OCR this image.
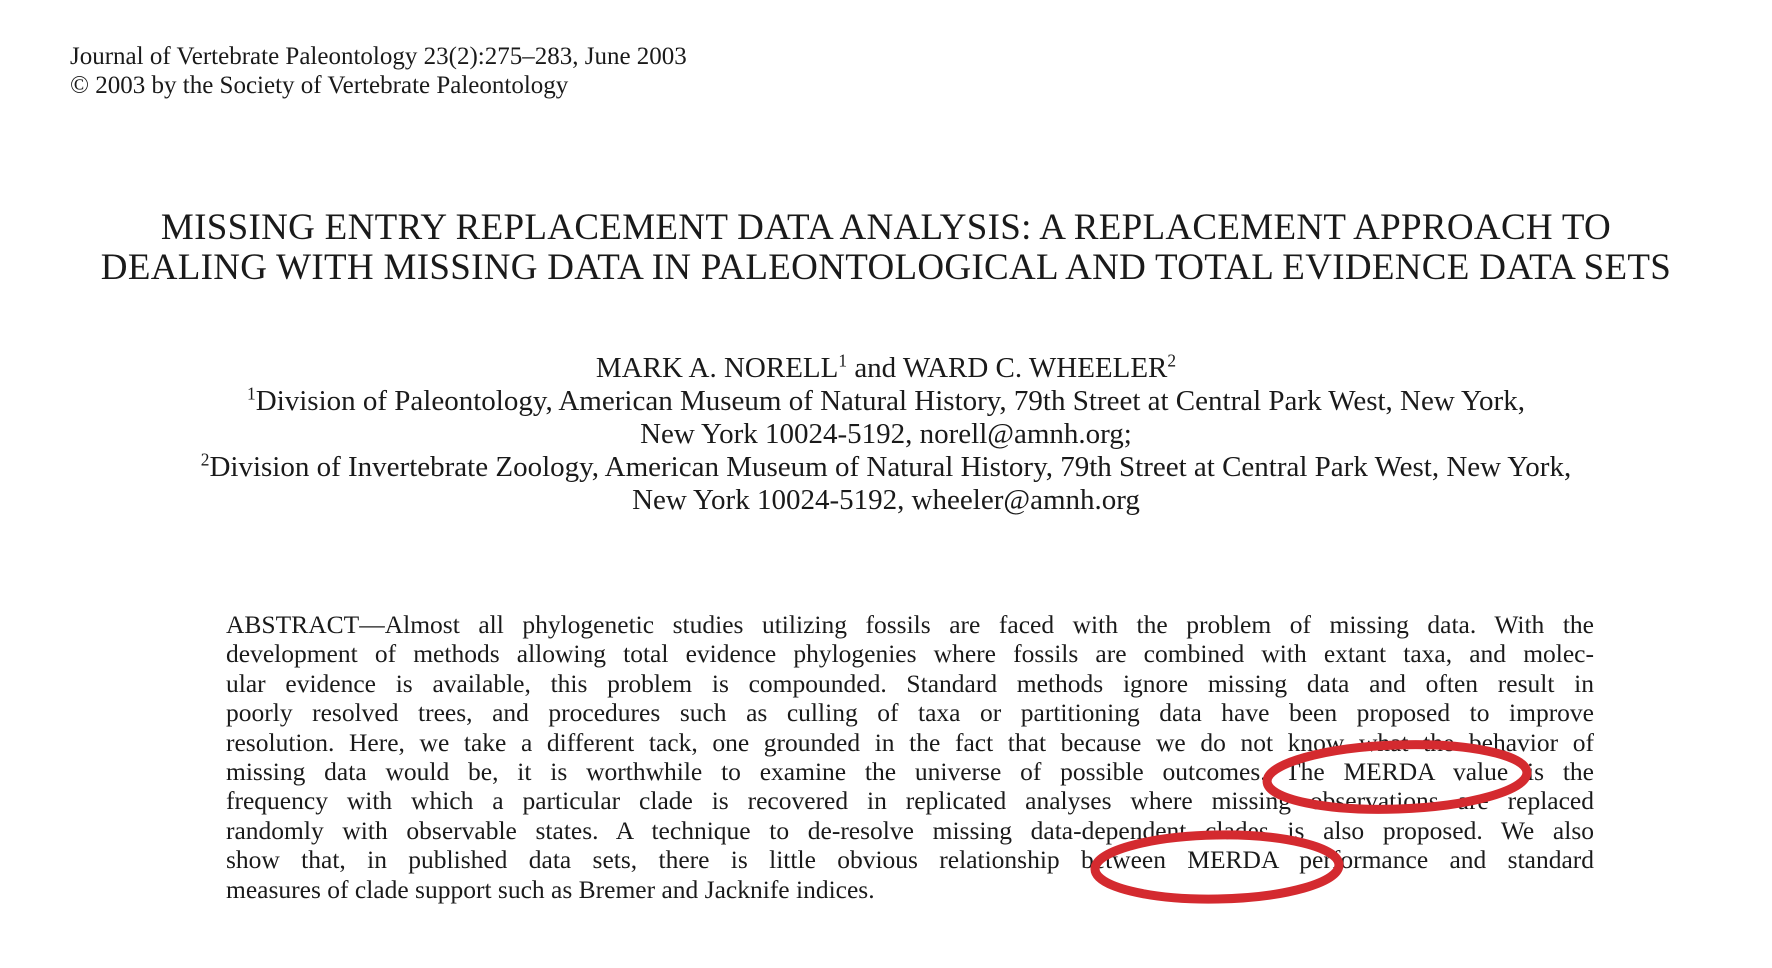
Journal of Vertebrate Paleontology 23(2):275–283, June 2003
© 2003 by the Society of Vertebrate Paleontology
MISSING ENTRY REPLACEMENT DATA ANALYSIS: A REPLACEMENT APPROACH TO
DEALING WITH MISSING DATA IN PALEONTOLOGICAL AND TOTAL EVIDENCE DATA SETS
MARK A. NORELL$^1$ and WARD C. WHEELER$^2$
$^1$Division of Paleontology, American Museum of Natural History, 79th Street at Central Park West, New York,
New York 10024-5192, norell@amnh.org;
$^2$Division of Invertebrate Zoology, American Museum of Natural History, 79th Street at Central Park West, New York,
New York 10024-5192, wheeler@amnh.org
ABSTRACT—Almost all phylogenetic studies utilizing fossils are faced with the problem of missing data. With the
development of methods allowing total evidence phylogenies where fossils are combined with extant taxa, and molec-
ular evidence is available, this problem is compounded. Standard methods ignore missing data and often result in
poorly resolved trees, and procedures such as culling of taxa or partitioning data have been proposed to improve
resolution. Here, we take a different tack, one grounded in the fact that because we do not know what the behavior of
missing data would be, it is worthwhile to examine the universe of possible outcomes. The MERDA value is the
frequency with which a particular clade is recovered in replicated analyses where missing observations are replaced
randomly with observable states. A technique to de-resolve missing data-dependent clades is also proposed. We also
show that, in published data sets, there is little obvious relationship between MERDA performance and standard
measures of clade support such as Bremer and Jacknife indices.
